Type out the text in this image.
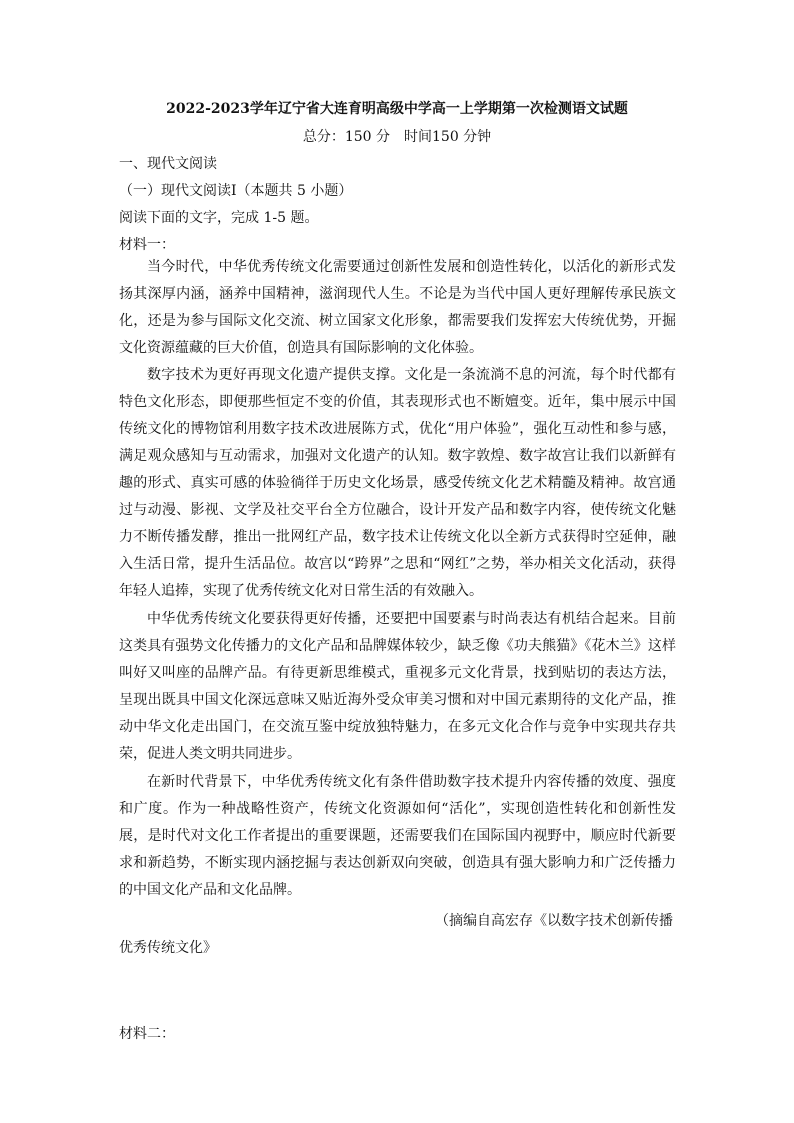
2022-2023学年辽宁省大连育明高级中学高一上学期第一次检测语文试题
总分：150 分　时间150 分钟
一、现代文阅读
（一）现代文阅读Ⅰ（本题共 5 小题）
阅读下面的文字，完成 1-5 题。
材料一：

当今时代，中华优秀传统文化需要通过创新性发展和创造性转化，以活化的新形式发扬其深厚内涵，涵养中国精神，滋润现代人生。不论是为当代中国人更好理解传承民族文化，还是为参与国际文化交流、树立国家文化形象，都需要我们发挥宏大传统优势，开掘文化资源蕴藏的巨大价值，创造具有国际影响的文化体验。

数字技术为更好再现文化遗产提供支撑。文化是一条流淌不息的河流，每个时代都有特色文化形态，即便那些恒定不变的价值，其表现形式也不断嬗变。近年，集中展示中国传统文化的博物馆利用数字技术改进展陈方式，优化“用户体验”，强化互动性和参与感，满足观众感知与互动需求，加强对文化遗产的认知。数字敦煌、数字故宫让我们以新鲜有趣的形式、真实可感的体验徜徉于历史文化场景，感受传统文化艺术精髓及精神。故宫通过与动漫、影视、文学及社交平台全方位融合，设计开发产品和数字内容，使传统文化魅力不断传播发酵，推出一批网红产品，数字技术让传统文化以全新方式获得时空延伸，融入生活日常，提升生活品位。故宫以“跨界”之思和“网红”之势，举办相关文化活动，获得年轻人追捧，实现了优秀传统文化对日常生活的有效融入。

中华优秀传统文化要获得更好传播，还要把中国要素与时尚表达有机结合起来。目前这类具有强势文化传播力的文化产品和品牌媒体较少，缺乏像《功夫熊猫》《花木兰》这样叫好又叫座的品牌产品。有待更新思维模式，重视多元文化背景，找到贴切的表达方法，呈现出既具中国文化深远意味又贴近海外受众审美习惯和对中国元素期待的文化产品，推动中华文化走出国门，在交流互鉴中绽放独特魅力，在多元文化合作与竞争中实现共存共荣，促进人类文明共同进步。

在新时代背景下，中华优秀传统文化有条件借助数字技术提升内容传播的效度、强度和广度。作为一种战略性资产，传统文化资源如何“活化”，实现创造性转化和创新性发展，是时代对文化工作者提出的重要课题，还需要我们在国际国内视野中，顺应时代新要求和新趋势，不断实现内涵挖掘与表达创新双向突破，创造具有强大影响力和广泛传播力的中国文化产品和文化品牌。

（摘编自高宏存《以数字技术创新传播优秀传统文化》
材料二：
